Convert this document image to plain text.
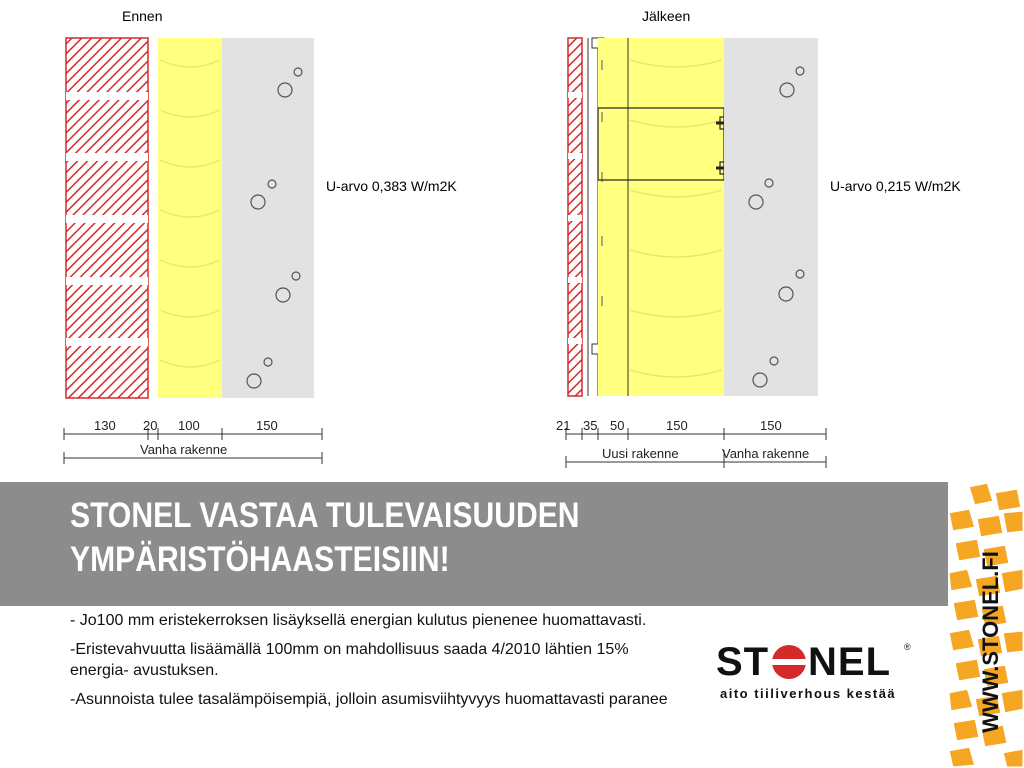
Ennen	Jälkeen
U-arvo 0,383 W/m2K	U-arvo 0,215 W/m2K
130 20 100	150
Vanha rakenne
21 35 50	150	150
Uusi rakenne	Vanha rakenne
STONEL VASTAA TULEVAISUUDEN
YMPÄRISTÖHAASTEISIIN!	WWW.STONEL.FI

- Jo100 mm eristekerroksen lisäyksellä energian kulutus pienenee huomattavasti.

-Eristevahvuutta lisäämällä 100mm on mahdollisuus saada 4/2010 lähtien 15% energia- avustuksen.

-Asunnoista tulee tasalämpöisempiä, jolloin asumisviihtyvyys huomattavasti paranee

ST NEL ®
aito tiiliverhous kestää
